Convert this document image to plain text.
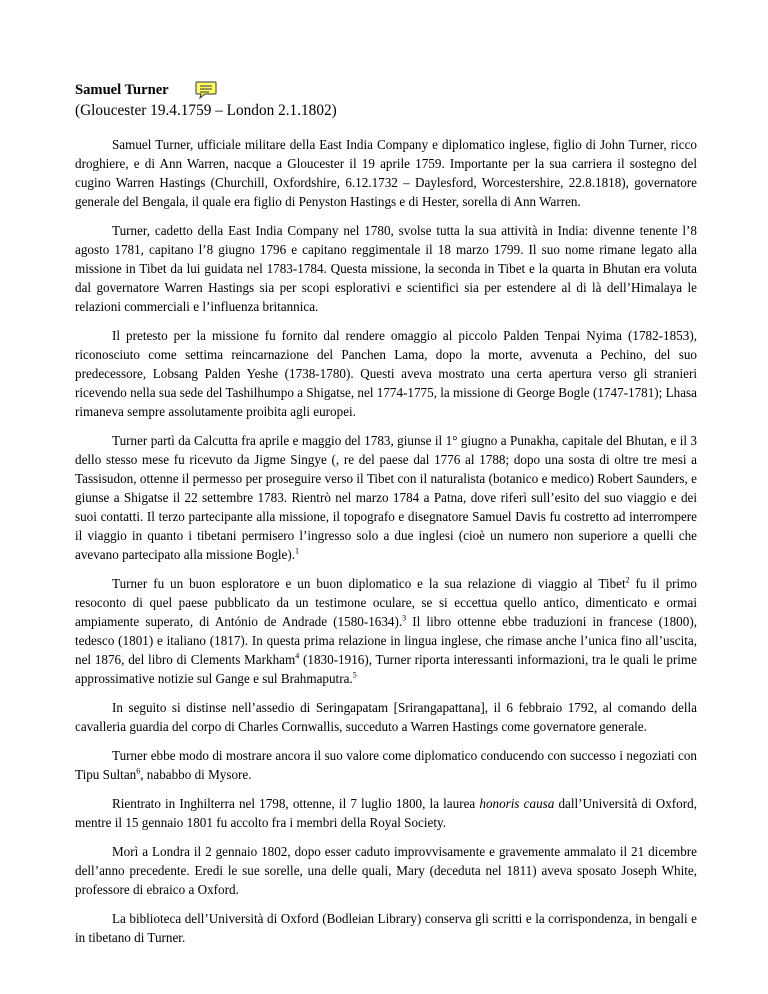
Samuel Turner
(Gloucester 19.4.1759 – London 2.1.1802)

Samuel Turner, ufficiale militare della East India Company e diplomatico inglese, figlio di John Turner, ricco droghiere, e di Ann Warren, nacque a Gloucester il 19 aprile 1759. Importante per la sua carriera il sostegno del cugino Warren Hastings (Churchill, Oxfordshire, 6.12.1732 – Daylesford, Worcestershire, 22.8.1818), governatore generale del Bengala, il quale era figlio di Penyston Hastings e di Hester, sorella di Ann Warren.

Turner, cadetto della East India Company nel 1780, svolse tutta la sua attività in India: divenne tenente l’8 agosto 1781, capitano l’8 giugno 1796 e capitano reggimentale il 18 marzo 1799. Il suo nome rimane legato alla missione in Tibet da lui guidata nel 1783-1784. Questa missione, la seconda in Tibet e la quarta in Bhutan era voluta dal governatore Warren Hastings sia per scopi esplorativi e scientifici sia per estendere al di là dell’Himalaya le relazioni commerciali e l’influenza britannica.

Il pretesto per la missione fu fornito dal rendere omaggio al piccolo Palden Tenpai Nyima (1782-1853), riconosciuto come settima reincarnazione del Panchen Lama, dopo la morte, avvenuta a Pechino, del suo predecessore, Lobsang Palden Yeshe (1738-1780). Questi aveva mostrato una certa apertura verso gli stranieri ricevendo nella sua sede del Tashilhumpo a Shigatse, nel 1774-1775, la missione di George Bogle (1747-1781); Lhasa rimaneva sempre assolutamente proibita agli europei.

Turner partì da Calcutta fra aprile e maggio del 1783, giunse il 1° giugno a Punakha, capitale del Bhutan, e il 3 dello stesso mese fu ricevuto da Jigme Singye (, re del paese dal 1776 al 1788; dopo una sosta di oltre tre mesi a Tassisudon, ottenne il permesso per proseguire verso il Tibet con il naturalista (botanico e medico) Robert Saunders, e giunse a Shigatse il 22 settembre 1783. Rientrò nel marzo 1784 a Patna, dove riferì sull’esito del suo viaggio e dei suoi contatti. Il terzo partecipante alla missione, il topografo e disegnatore Samuel Davis fu costretto ad interrompere il viaggio in quanto i tibetani permisero l’ingresso solo a due inglesi (cioè un numero non superiore a quelli che avevano partecipato alla missione Bogle).$^1$

Turner fu un buon esploratore e un buon diplomatico e la sua relazione di viaggio al Tibet$^2$ fu il primo resoconto di quel paese pubblicato da un testimone oculare, se si eccettua quello antico, dimenticato e ormai ampiamente superato, di António de Andrade (1580-1634).$^3$ Il libro ottenne ebbe traduzioni in francese (1800), tedesco (1801) e italiano (1817). In questa prima relazione in lingua inglese, che rimase anche l’unica fino all’uscita, nel 1876, del libro di Clements Markham$^4$ (1830-1916), Turner riporta interessanti informazioni, tra le quali le prime approssimative notizie sul Gange e sul Brahmaputra.$^5$

In seguito si distinse nell’assedio di Seringapatam [Srirangapattana], il 6 febbraio 1792, al comando della cavalleria guardia del corpo di Charles Cornwallis, succeduto a Warren Hastings come governatore generale.

Turner ebbe modo di mostrare ancora il suo valore come diplomatico conducendo con successo i negoziati con Tipu Sultan$^6$, nababbo di Mysore.

Rientrato in Inghilterra nel 1798, ottenne, il 7 luglio 1800, la laurea honoris causa dall’Università di Oxford, mentre il 15 gennaio 1801 fu accolto fra i membri della Royal Society.

Morì a Londra il 2 gennaio 1802, dopo esser caduto improvvisamente e gravemente ammalato il 21 dicembre dell’anno precedente. Eredi le sue sorelle, una delle quali, Mary (deceduta nel 1811) aveva sposato Joseph White, professore di ebraico a Oxford.

La biblioteca dell’Università di Oxford (Bodleian Library) conserva gli scritti e la corrispondenza, in bengali e in tibetano di Turner.
